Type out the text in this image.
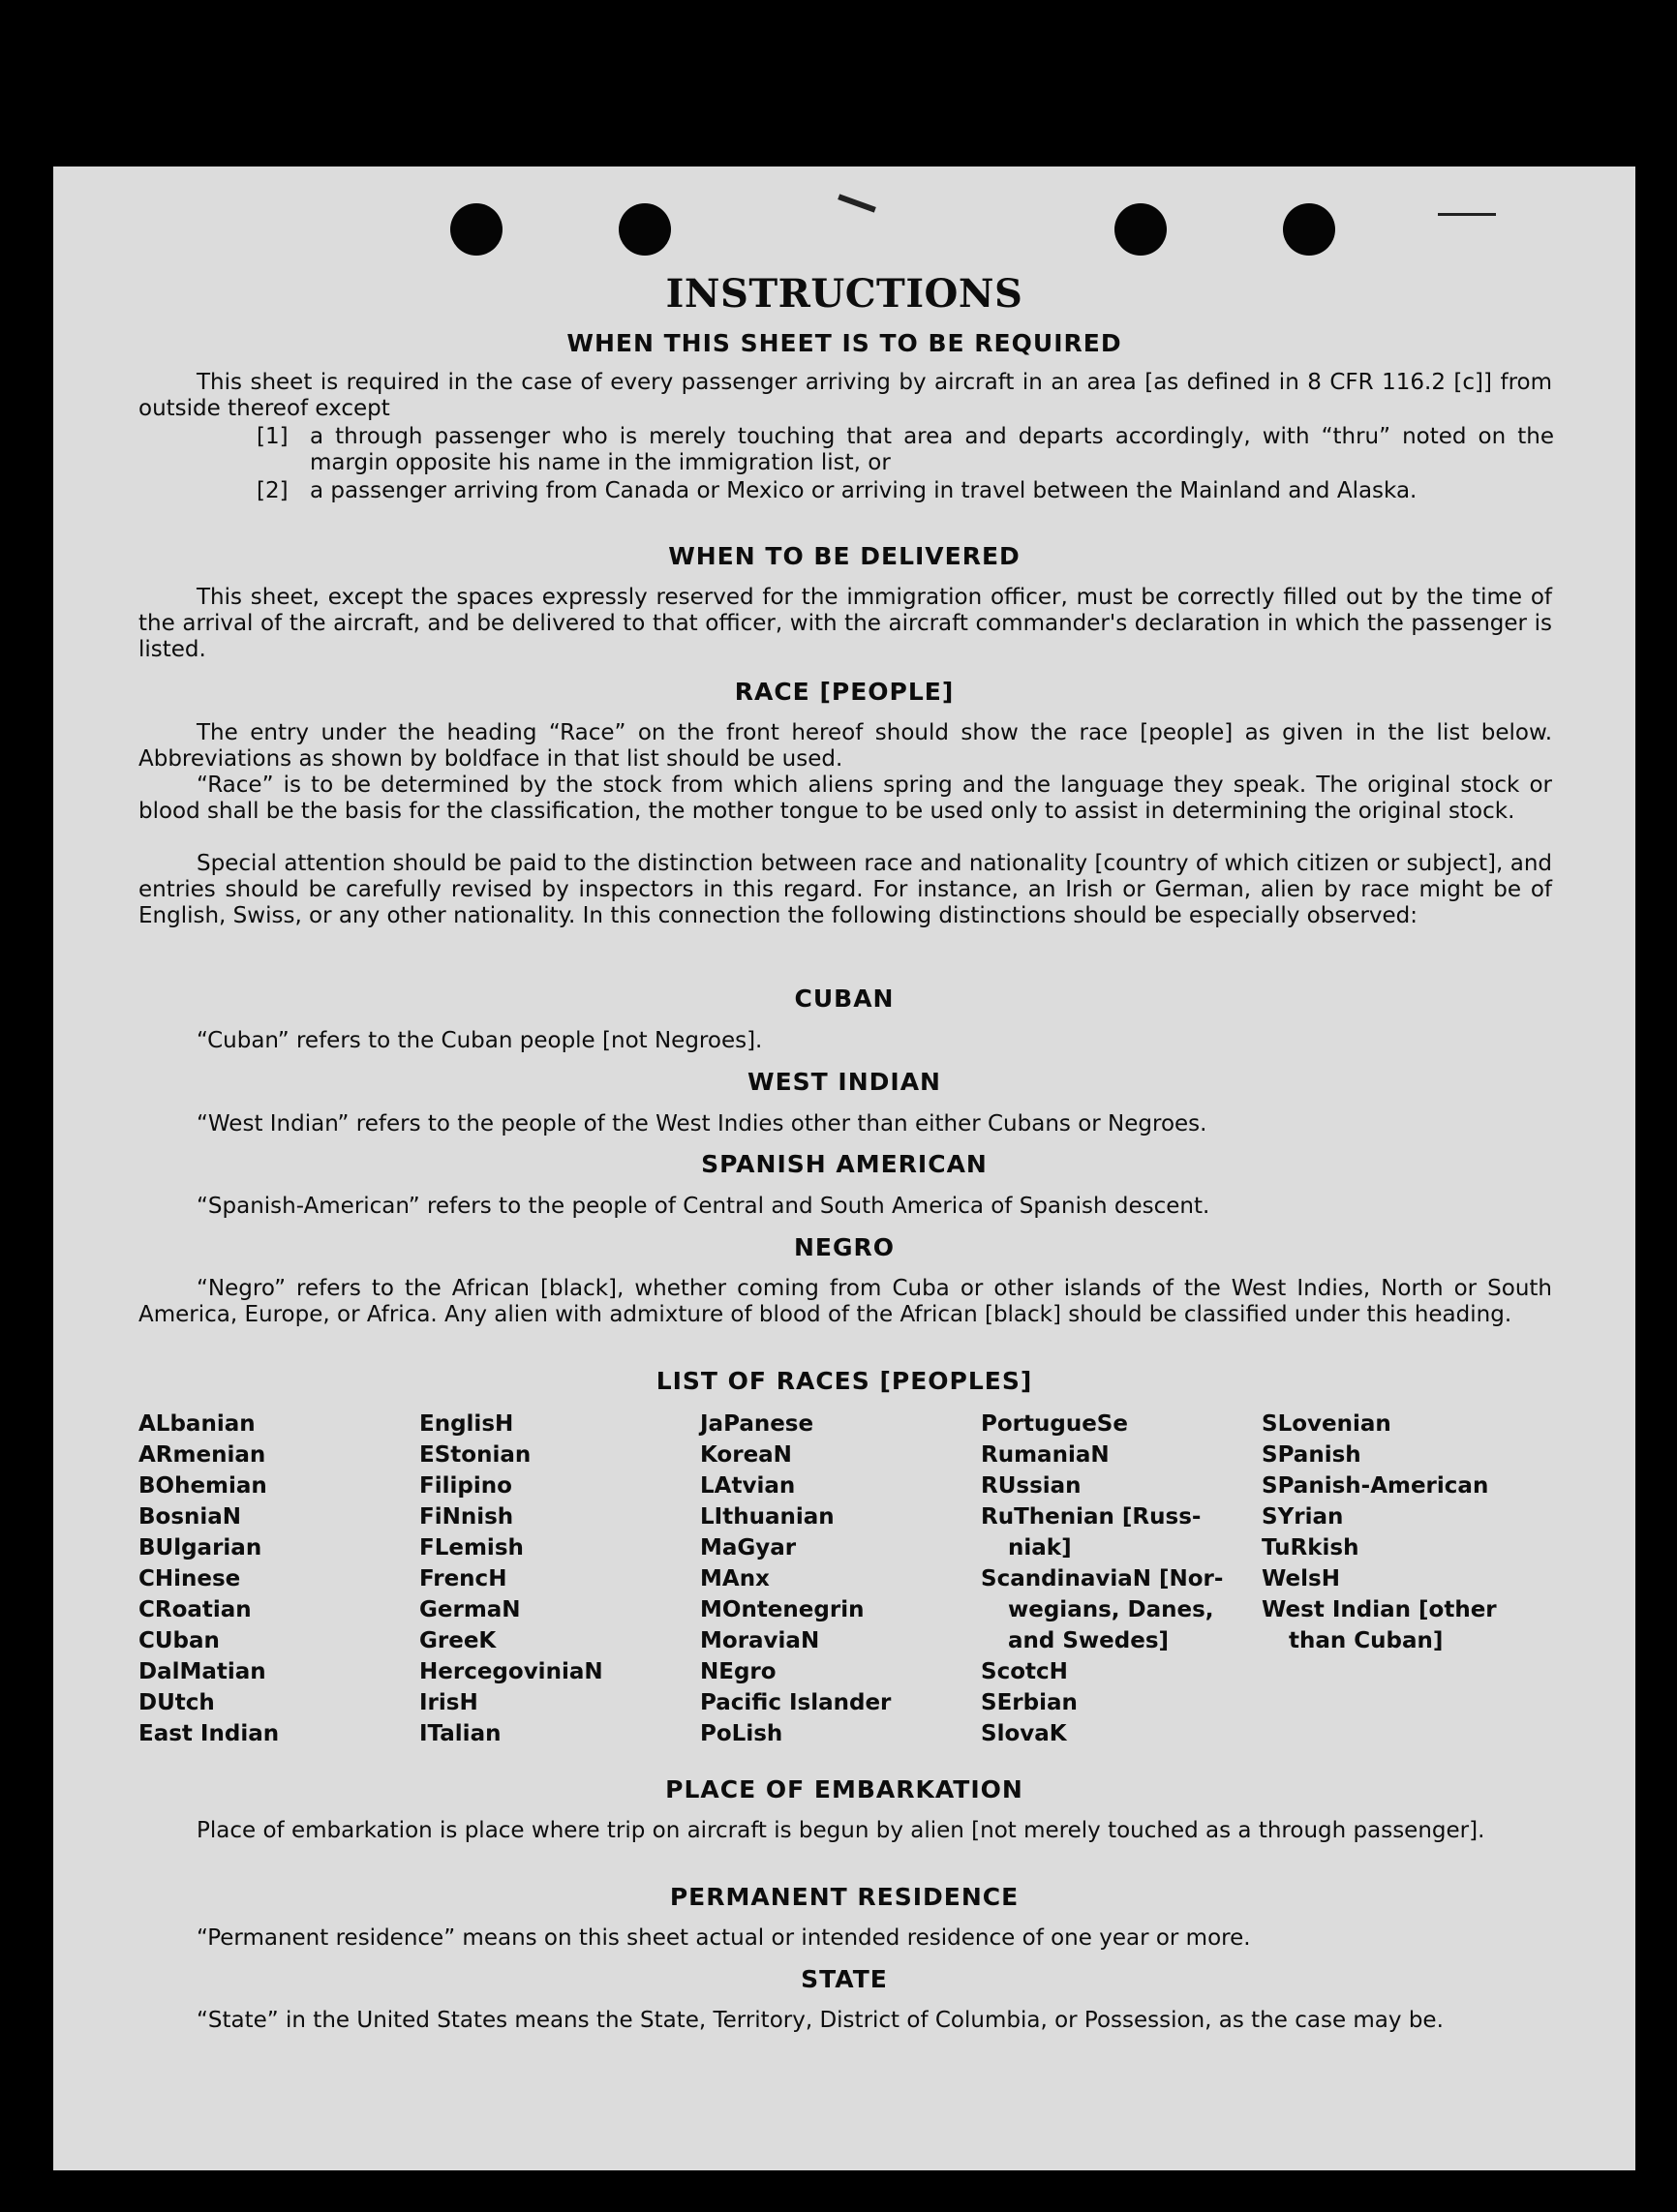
INSTRUCTIONS
WHEN THIS SHEET IS TO BE REQUIRED

This sheet is required in the case of every passenger arriving by aircraft in an area [as defined in 8 CFR 116.2 [c]] from outside thereof except

[1] a through passenger who is merely touching that area and departs accordingly, with “thru” noted on the margin opposite his name in the immigration list, or
[2] a passenger arriving from Canada or Mexico or arriving in travel between the Mainland and Alaska.
WHEN TO BE DELIVERED

This sheet, except the spaces expressly reserved for the immigration officer, must be correctly filled out by the time of the arrival of the aircraft, and be delivered to that officer, with the aircraft commander's declaration in which the passenger is listed.

RACE [PEOPLE]

The entry under the heading “Race” on the front hereof should show the race [people] as given in the list below. Abbreviations as shown by boldface in that list should be used.

“Race” is to be determined by the stock from which aliens spring and the language they speak. The original stock or blood shall be the basis for the classification, the mother tongue to be used only to assist in determining the original stock.

Special attention should be paid to the distinction between race and nationality [country of which citizen or subject], and entries should be carefully revised by inspectors in this regard. For instance, an Irish or German, alien by race might be of English, Swiss, or any other nationality. In this connection the following distinctions should be especially observed:

CUBAN

“Cuban” refers to the Cuban people [not Negroes].

WEST INDIAN

“West Indian” refers to the people of the West Indies other than either Cubans or Negroes.

SPANISH AMERICAN

“Spanish-American” refers to the people of Central and South America of Spanish descent.

NEGRO

“Negro” refers to the African [black], whether coming from Cuba or other islands of the West Indies, North or South America, Europe, or Africa. Any alien with admixture of blood of the African [black] should be classified under this heading.

LIST OF RACES [PEOPLES]
ALbanian
ARmenian
BOhemian
BosniaN
BUlgarian
CHinese
CRoatian
CUban
DalMatian
DUtch
East Indian
EnglisH
EStonian
Filipino
FiNnish
FLemish
FrencH
GermaN
GreeK
HercegoviniaN
IrisH
ITalian
JaPanese
KoreaN
LAtvian
LIthuanian
MaGyar
MAnx
MOntenegrin
MoraviaN
NEgro
Pacific Islander
PoLish
PortugueSe
RumaniaN
RUssian
RuThenian [Russ-
niak]
ScandinaviaN [Nor-
wegians, Danes,
and Swedes]
ScotcH
SErbian
SlovaK
SLovenian
SPanish
SPanish-American
SYrian
TuRkish
WelsH
West Indian [other
than Cuban]
PLACE OF EMBARKATION

Place of embarkation is place where trip on aircraft is begun by alien [not merely touched as a through passenger].

PERMANENT RESIDENCE

“Permanent residence” means on this sheet actual or intended residence of one year or more.

STATE

“State” in the United States means the State, Territory, District of Columbia, or Possession, as the case may be.
